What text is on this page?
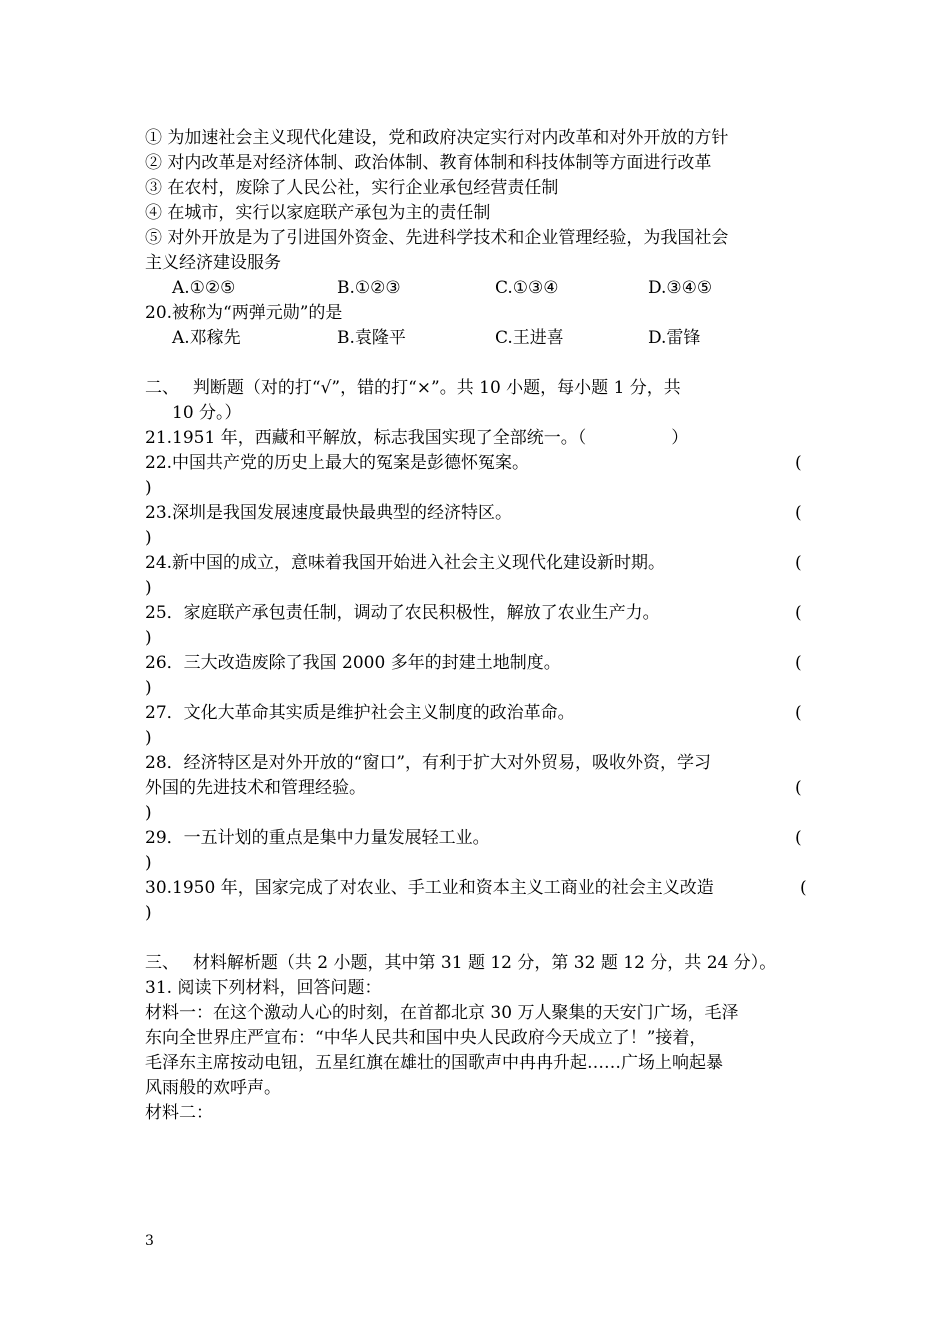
① 为加速社会主义现代化建设，党和政府决定实行对内改革和对外开放的方针
② 对内改革是对经济体制、政治体制、教育体制和科技体制等方面进行改革
③ 在农村，废除了人民公社，实行企业承包经营责任制
④ 在城市，实行以家庭联产承包为主的责任制
⑤ 对外开放是为了引进国外资金、先进科学技术和企业管理经验，为我国社会
主义经济建设服务
A.①②⑤	B.①②③	C.①③④	D.③④⑤
20.被称为“两弹元勋”的是
A.邓稼先	B.袁隆平	C.王进喜	D.雷锋
二、　 判断题（对的打“√”，错的打“×”。共 10 小题，每小题 1 分，共
10 分。）
21.1951 年，西藏和平解放，标志我国实现了全部统一。（　　　　　）
22.中国共产党的历史上最大的冤案是彭德怀冤案。	(
)
23.深圳是我国发展速度最快最典型的经济特区。	(
)
24.新中国的成立，意味着我国开始进入社会主义现代化建设新时期。	(
)
25．家庭联产承包责任制，调动了农民积极性，解放了农业生产力。	(
)
26．三大改造废除了我国 2000 多年的封建土地制度。	(
)
27．文化大革命其实质是维护社会主义制度的政治革命。	(
)
28．经济特区是对外开放的“窗口”，有利于扩大对外贸易，吸收外资，学习
外国的先进技术和管理经验。	(
)
29．一五计划的重点是集中力量发展轻工业。	(
)
30.1950 年，国家完成了对农业、手工业和资本主义工商业的社会主义改造	(
)
三、　 材料解析题（共 2 小题，其中第 31 题 12 分，第 32 题 12 分，共 24 分）。
31. 阅读下列材料，回答问题：
材料一：在这个激动人心的时刻，在首都北京 30 万人聚集的天安门广场，毛泽
东向全世界庄严宣布：“中华人民共和国中央人民政府今天成立了！”接着，
毛泽东主席按动电钮，五星红旗在雄壮的国歌声中冉冉升起……广场上响起暴
风雨般的欢呼声。
材料二：
3
